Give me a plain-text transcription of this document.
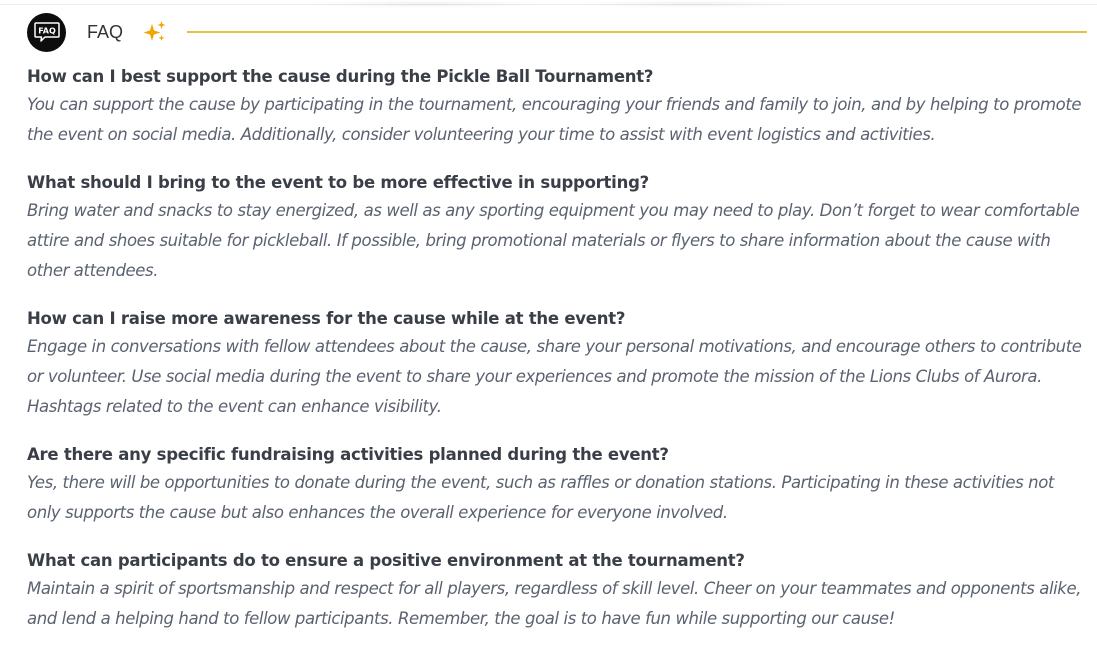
FAQ FAQ

How can I best support the cause during the Pickle Ball Tournament?

You can support the cause by participating in the tournament, encouraging your friends and family to join, and by helping to promote the event on social media. Additionally, consider volunteering your time to assist with event logistics and activities.

What should I bring to the event to be more effective in supporting?

Bring water and snacks to stay energized, as well as any sporting equipment you may need to play. Don’t forget to wear comfortable attire and shoes suitable for pickleball. If possible, bring promotional materials or flyers to share information about the cause with other attendees.

How can I raise more awareness for the cause while at the event?

Engage in conversations with fellow attendees about the cause, share your personal motivations, and encourage others to contribute or volunteer. Use social media during the event to share your experiences and promote the mission of the Lions Clubs of Aurora. Hashtags related to the event can enhance visibility.

Are there any specific fundraising activities planned during the event?

Yes, there will be opportunities to donate during the event, such as raffles or donation stations. Participating in these activities not only supports the cause but also enhances the overall experience for everyone involved.

What can participants do to ensure a positive environment at the tournament?

Maintain a spirit of sportsmanship and respect for all players, regardless of skill level. Cheer on your teammates and opponents alike, and lend a helping hand to fellow participants. Remember, the goal is to have fun while supporting our cause!
